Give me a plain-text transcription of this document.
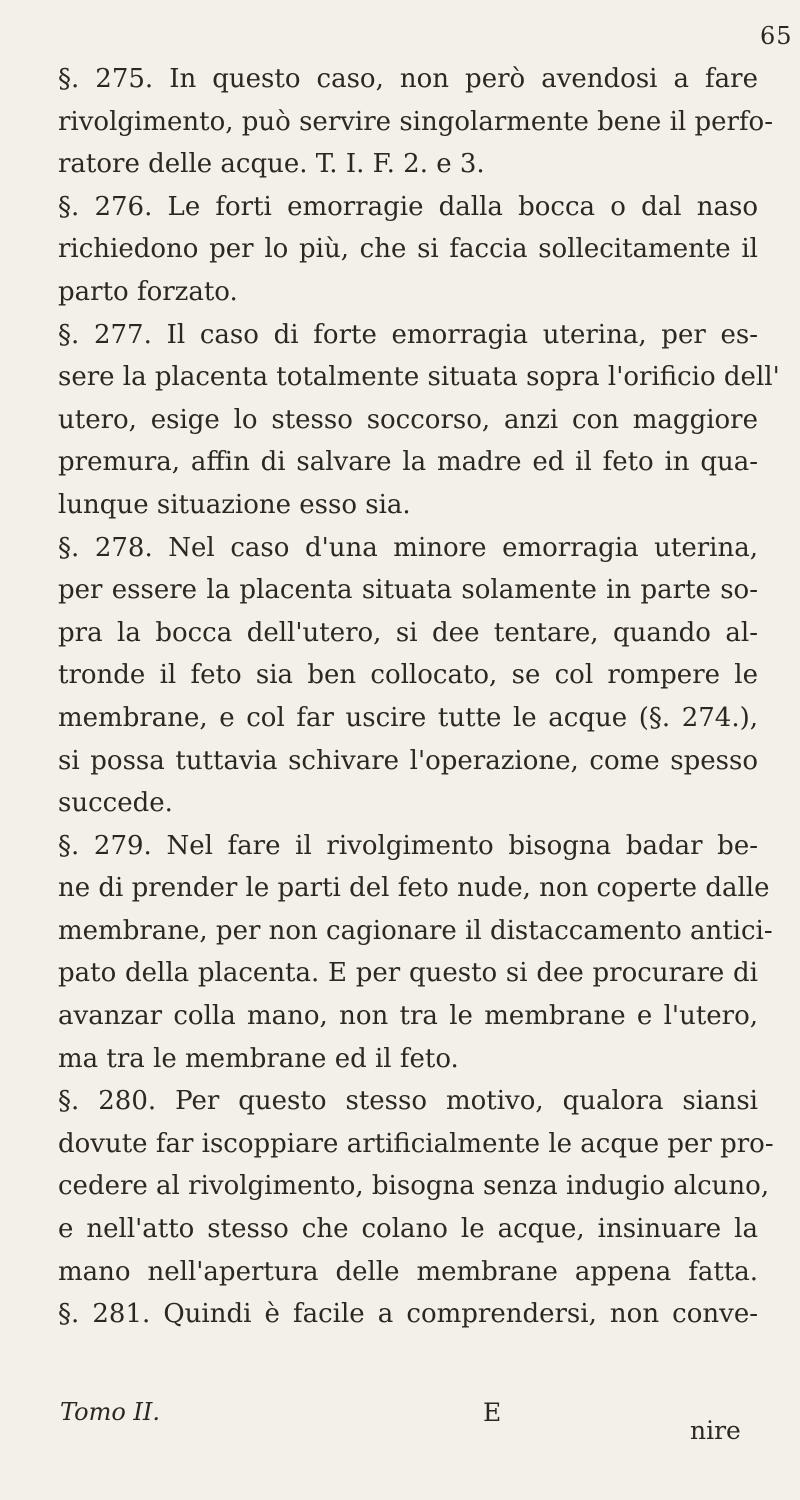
65
§. 275. In questo caso, non però avendosi a fare
rivolgimento, può servire singolarmente bene il perfo-
ratore delle acque. T. I. F. 2. e 3.
§. 276. Le forti emorragie dalla bocca o dal naso
richiedono per lo più, che si faccia sollecitamente il
parto forzato.
§. 277. Il caso di forte emorragia uterina, per es-
sere la placenta totalmente situata sopra l'orificio dell'
utero, esige lo stesso soccorso, anzi con maggiore
premura, affin di salvare la madre ed il feto in qua-
lunque situazione esso sia.
§. 278. Nel caso d'una minore emorragia uterina,
per essere la placenta situata solamente in parte so-
pra la bocca dell'utero, si dee tentare, quando al-
tronde il feto sia ben collocato, se col rompere le
membrane, e col far uscire tutte le acque (§. 274.),
si possa tuttavia schivare l'operazione, come spesso
succede.
§. 279. Nel fare il rivolgimento bisogna badar be-
ne di prender le parti del feto nude, non coperte dalle
membrane, per non cagionare il distaccamento antici-
pato della placenta. E per questo si dee procurare di
avanzar colla mano, non tra le membrane e l'utero,
ma tra le membrane ed il feto.
§. 280. Per questo stesso motivo, qualora siansi
dovute far iscoppiare artificialmente le acque per pro-
cedere al rivolgimento, bisogna senza indugio alcuno,
e nell'atto stesso che colano le acque, insinuare la
mano nell'apertura delle membrane appena fatta.
§. 281. Quindi è facile a comprendersi, non conve-
Tomo II.	E
nire
